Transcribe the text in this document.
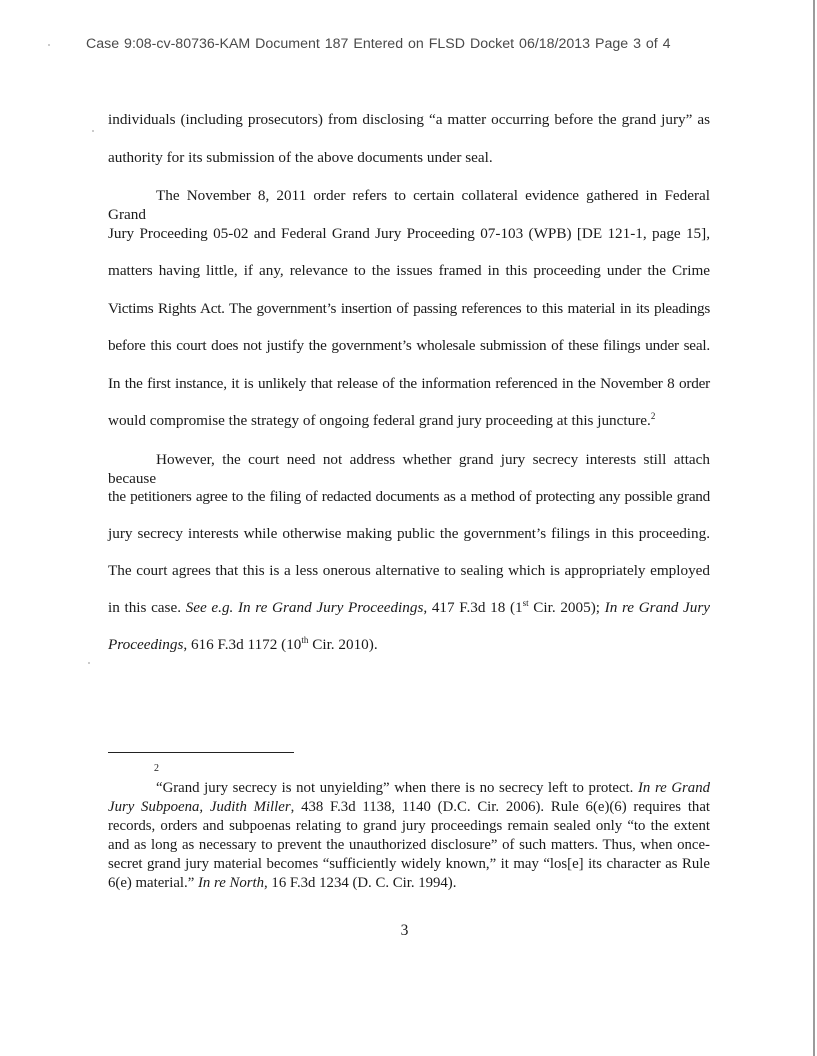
Case 9:08-cv-80736-KAM Document 187 Entered on FLSD Docket 06/18/2013 Page 3 of 4

individuals (including prosecutors) from disclosing “a matter occurring before the grand jury” as

authority for its submission of the above documents under seal.

The November 8, 2011 order refers to certain collateral evidence gathered in Federal Grand

Jury Proceeding 05-02 and Federal Grand Jury Proceeding 07-103 (WPB) [DE 121-1, page 15],

matters having little, if any, relevance to the issues framed in this proceeding under the Crime

Victims Rights Act. The government’s insertion of passing references to this material in its pleadings

before this court does not justify the government’s wholesale submission of these filings under seal.

In the first instance, it is unlikely that release of the information referenced in the November 8 order

would compromise the strategy of ongoing federal grand jury proceeding at this juncture.$^2$

However, the court need not address whether grand jury secrecy interests still attach because

the petitioners agree to the filing of redacted documents as a method of protecting any possible grand

jury secrecy interests while otherwise making public the government’s filings in this proceeding.

The court agrees that this is a less onerous alternative to sealing which is appropriately employed

in this case. See e.g. In re Grand Jury Proceedings, 417 F.3d 18 (1st Cir. 2005); In re Grand Jury

Proceedings, 616 F.3d 1172 (10th Cir. 2010).

2

“Grand jury secrecy is not unyielding” when there is no secrecy left to protect. In re Grand Jury Subpoena, Judith Miller, 438 F.3d 1138, 1140 (D.C. Cir. 2006). Rule 6(e)(6) requires that records, orders and subpoenas relating to grand jury proceedings remain sealed only “to the extent and as long as necessary to prevent the unauthorized disclosure” of such matters. Thus, when once-secret grand jury material becomes “sufficiently widely known,” it may “los[e] its character as Rule 6(e) material.” In re North, 16 F.3d 1234 (D. C. Cir. 1994).

3
